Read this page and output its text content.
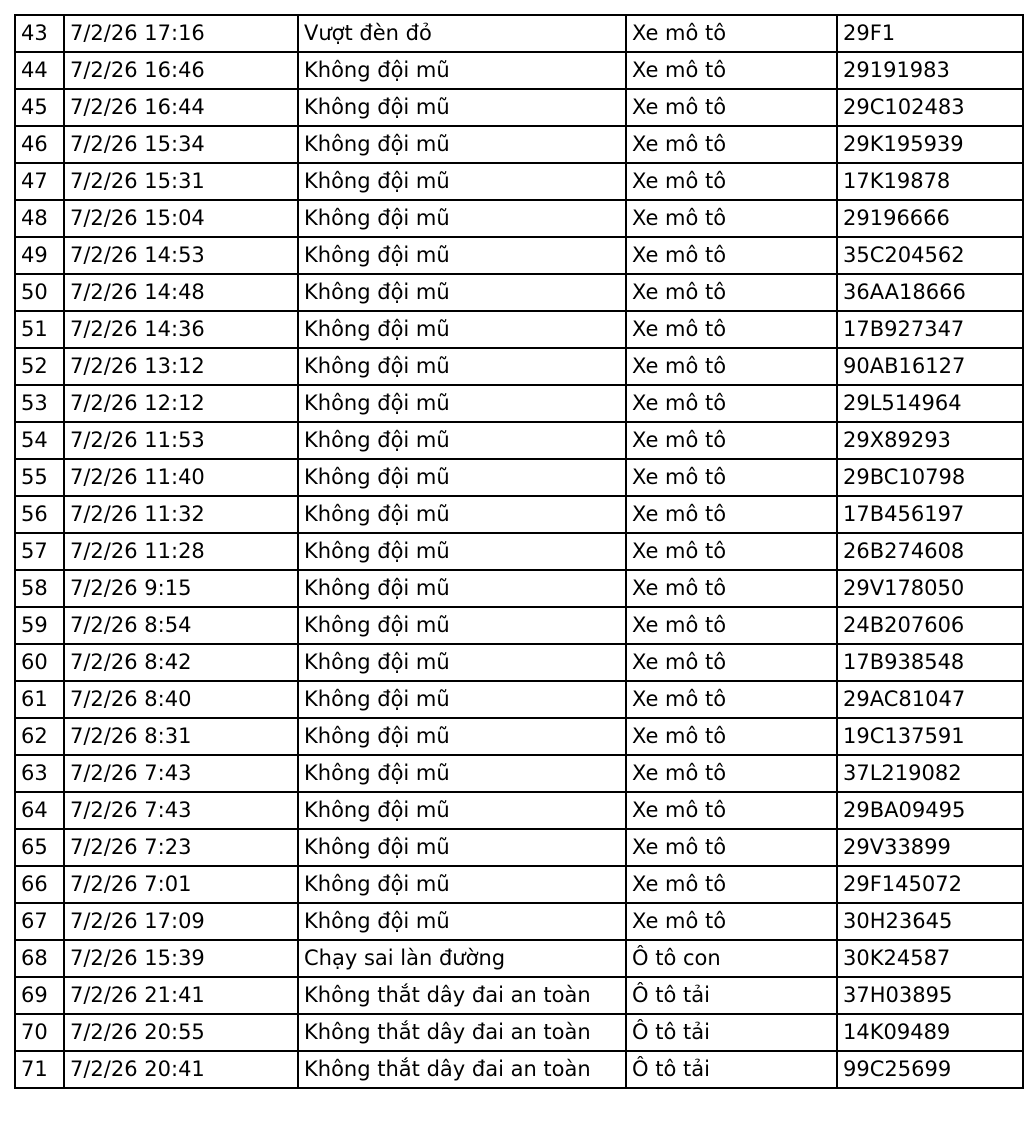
43	7/2/26 17:16	Vượt đèn đỏ	Xe mô tô	29F1
44	7/2/26 16:46	Không đội mũ	Xe mô tô	29191983
45	7/2/26 16:44	Không đội mũ	Xe mô tô	29C102483
46	7/2/26 15:34	Không đội mũ	Xe mô tô	29K195939
47	7/2/26 15:31	Không đội mũ	Xe mô tô	17K19878
48	7/2/26 15:04	Không đội mũ	Xe mô tô	29196666
49	7/2/26 14:53	Không đội mũ	Xe mô tô	35C204562
50	7/2/26 14:48	Không đội mũ	Xe mô tô	36AA18666
51	7/2/26 14:36	Không đội mũ	Xe mô tô	17B927347
52	7/2/26 13:12	Không đội mũ	Xe mô tô	90AB16127
53	7/2/26 12:12	Không đội mũ	Xe mô tô	29L514964
54	7/2/26 11:53	Không đội mũ	Xe mô tô	29X89293
55	7/2/26 11:40	Không đội mũ	Xe mô tô	29BC10798
56	7/2/26 11:32	Không đội mũ	Xe mô tô	17B456197
57	7/2/26 11:28	Không đội mũ	Xe mô tô	26B274608
58	7/2/26 9:15	Không đội mũ	Xe mô tô	29V178050
59	7/2/26 8:54	Không đội mũ	Xe mô tô	24B207606
60	7/2/26 8:42	Không đội mũ	Xe mô tô	17B938548
61	7/2/26 8:40	Không đội mũ	Xe mô tô	29AC81047
62	7/2/26 8:31	Không đội mũ	Xe mô tô	19C137591
63	7/2/26 7:43	Không đội mũ	Xe mô tô	37L219082
64	7/2/26 7:43	Không đội mũ	Xe mô tô	29BA09495
65	7/2/26 7:23	Không đội mũ	Xe mô tô	29V33899
66	7/2/26 7:01	Không đội mũ	Xe mô tô	29F145072
67	7/2/26 17:09	Không đội mũ	Xe mô tô	30H23645
68	7/2/26 15:39	Chạy sai làn đường	Ô tô con	30K24587
69	7/2/26 21:41	Không thắt dây đai an toàn	Ô tô tải	37H03895
70	7/2/26 20:55	Không thắt dây đai an toàn	Ô tô tải	14K09489
71	7/2/26 20:41	Không thắt dây đai an toàn	Ô tô tải	99C25699
